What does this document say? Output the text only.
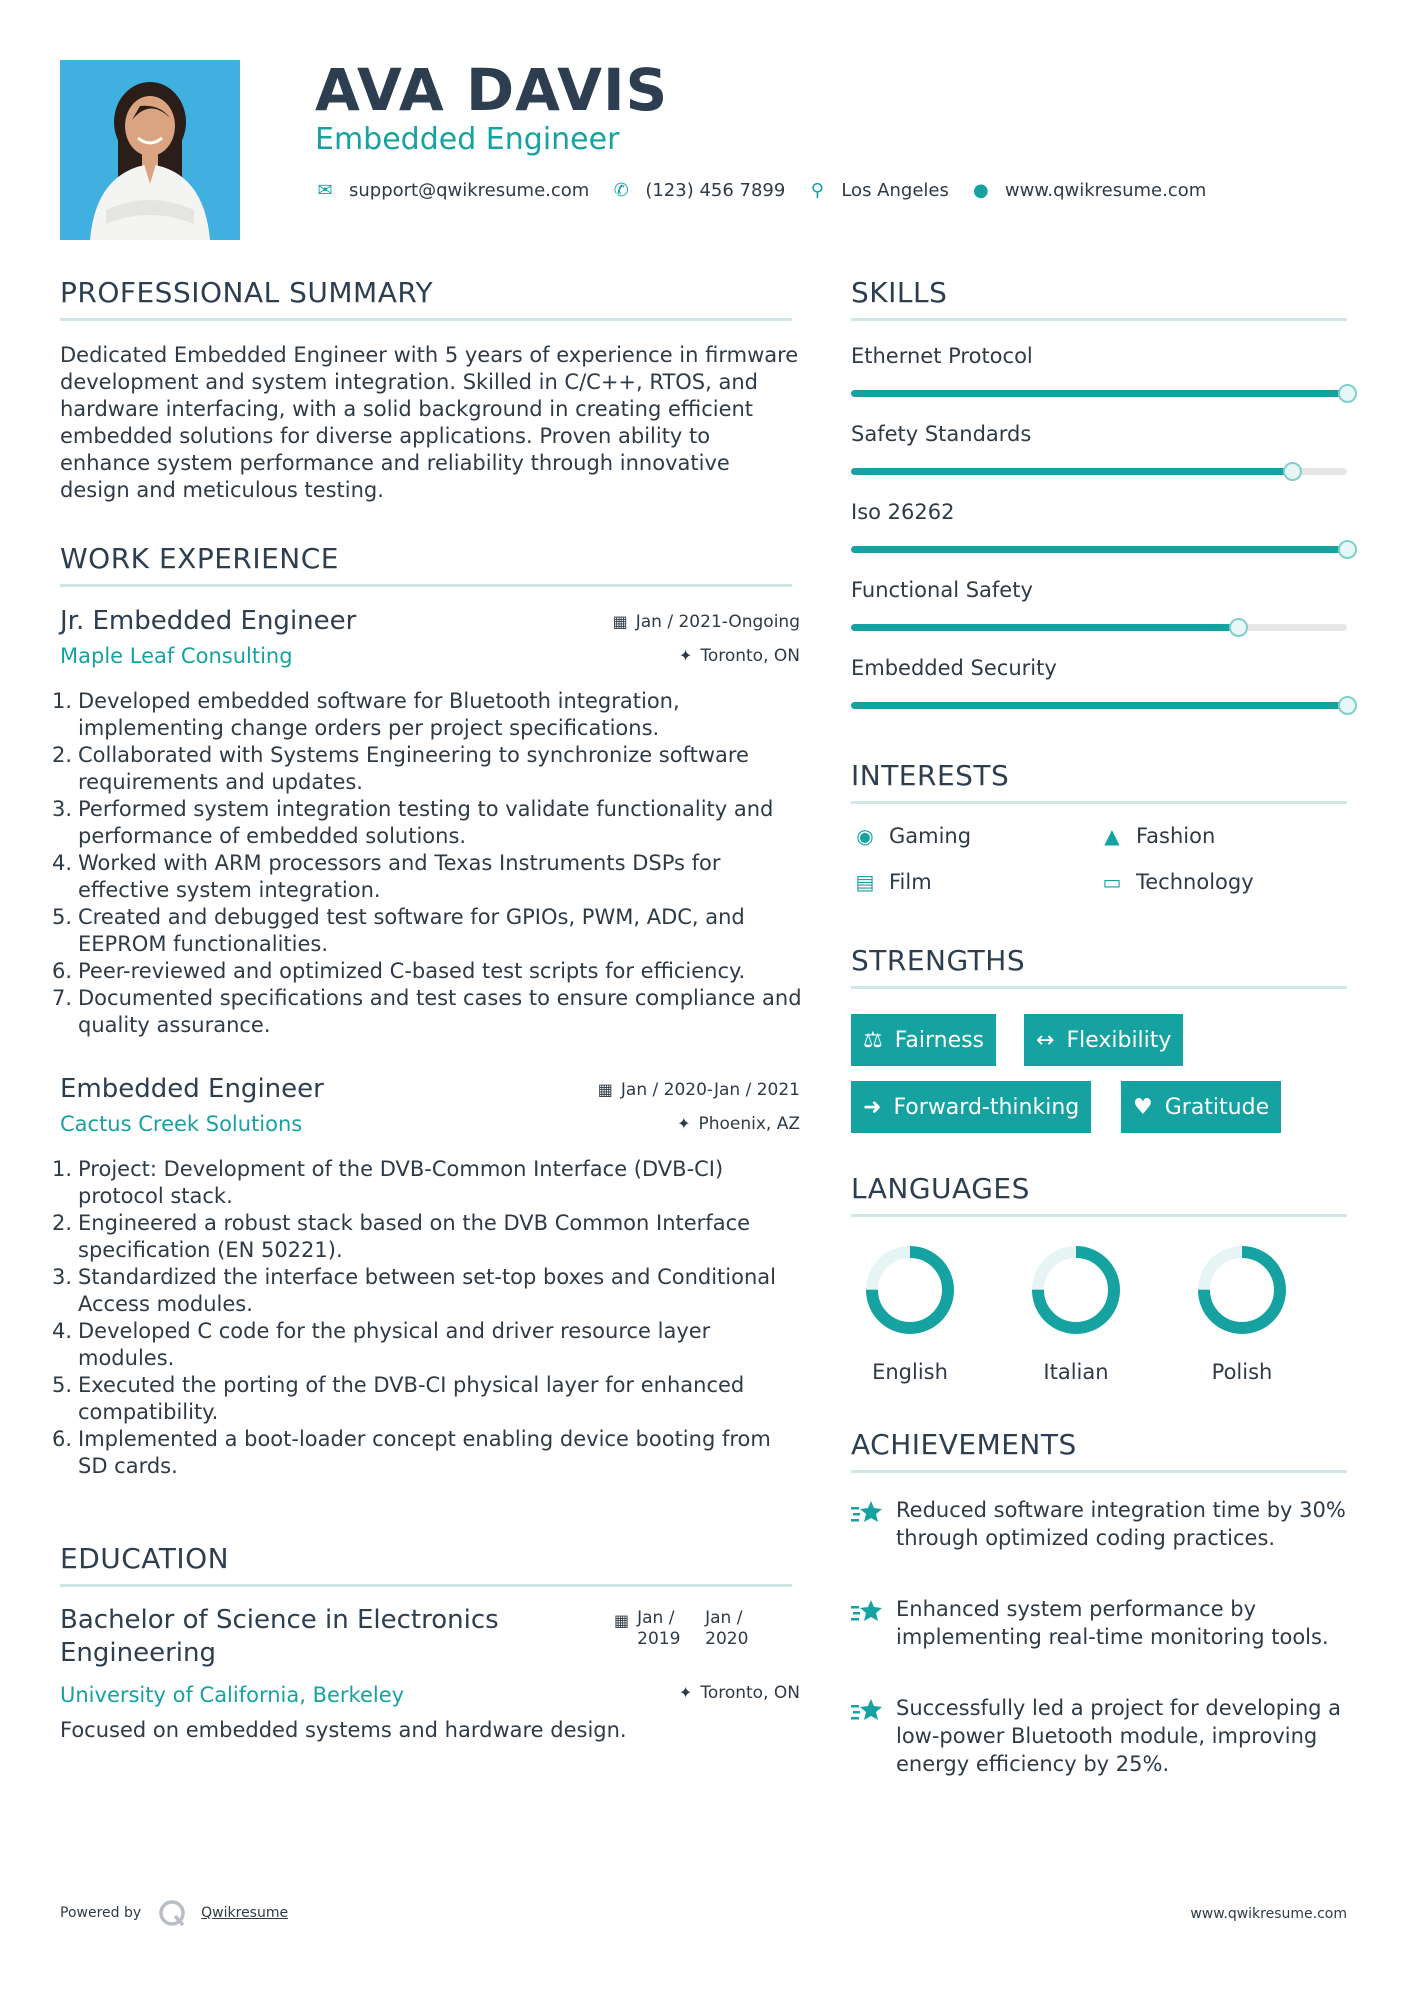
AVA DAVIS
Embedded Engineer
✉ support@qwikresume.com ✆ (123) 456 7899 ⚲ Los Angeles ● www.qwikresume.com
PROFESSIONAL SUMMARY
Dedicated Embedded Engineer with 5 years of experience in firmware development and system integration. Skilled in C/C++, RTOS, and hardware interfacing, with a solid background in creating efficient embedded solutions for diverse applications. Proven ability to enhance system performance and reliability through innovative design and meticulous testing.
WORK EXPERIENCE
Jr. Embedded Engineer	▦ Jan / 2021-Ongoing
Maple Leaf Consulting	✦ Toronto, ON
1. Developed embedded software for Bluetooth integration, implementing change orders per project specifications.
2. Collaborated with Systems Engineering to synchronize software requirements and updates.
3. Performed system integration testing to validate functionality and performance of embedded solutions.
4. Worked with ARM processors and Texas Instruments DSPs for effective system integration.
5. Created and debugged test software for GPIOs, PWM, ADC, and EEPROM functionalities.
6. Peer-reviewed and optimized C-based test scripts for efficiency.
7. Documented specifications and test cases to ensure compliance and quality assurance.
Embedded Engineer	▦ Jan / 2020-Jan / 2021
Cactus Creek Solutions	✦ Phoenix, AZ
1. Project: Development of the DVB-Common Interface (DVB-CI) protocol stack.
2. Engineered a robust stack based on the DVB Common Interface specification (EN 50221).
3. Standardized the interface between set-top boxes and Conditional Access modules.
4. Developed C code for the physical and driver resource layer modules.
5. Executed the porting of the DVB-CI physical layer for enhanced compatibility.
6. Implemented a boot-loader concept enabling device booting from SD cards.
EDUCATION
Bachelor of Science in Electronics Engineering
▦ Jan / 2019
Jan / 2020
University of California, Berkeley	✦ Toronto, ON
Focused on embedded systems and hardware design.
SKILLS
Ethernet Protocol
Safety Standards
Iso 26262
Functional Safety
Embedded Security
INTERESTS
◉ Gaming	▲ Fashion
▤ Film	▭ Technology
STRENGTHS
⚖ Fairness ↔ Flexibility
➜ Forward-thinking ♥ Gratitude
LANGUAGES
English	Italian	Polish
ACHIEVEMENTS
Reduced software integration time by 30% through optimized coding practices.
Enhanced system performance by implementing real-time monitoring tools.
Successfully led a project for developing a low-power Bluetooth module, improving energy efficiency by 25%.
Powered by	Qwikresume	www.qwikresume.com
